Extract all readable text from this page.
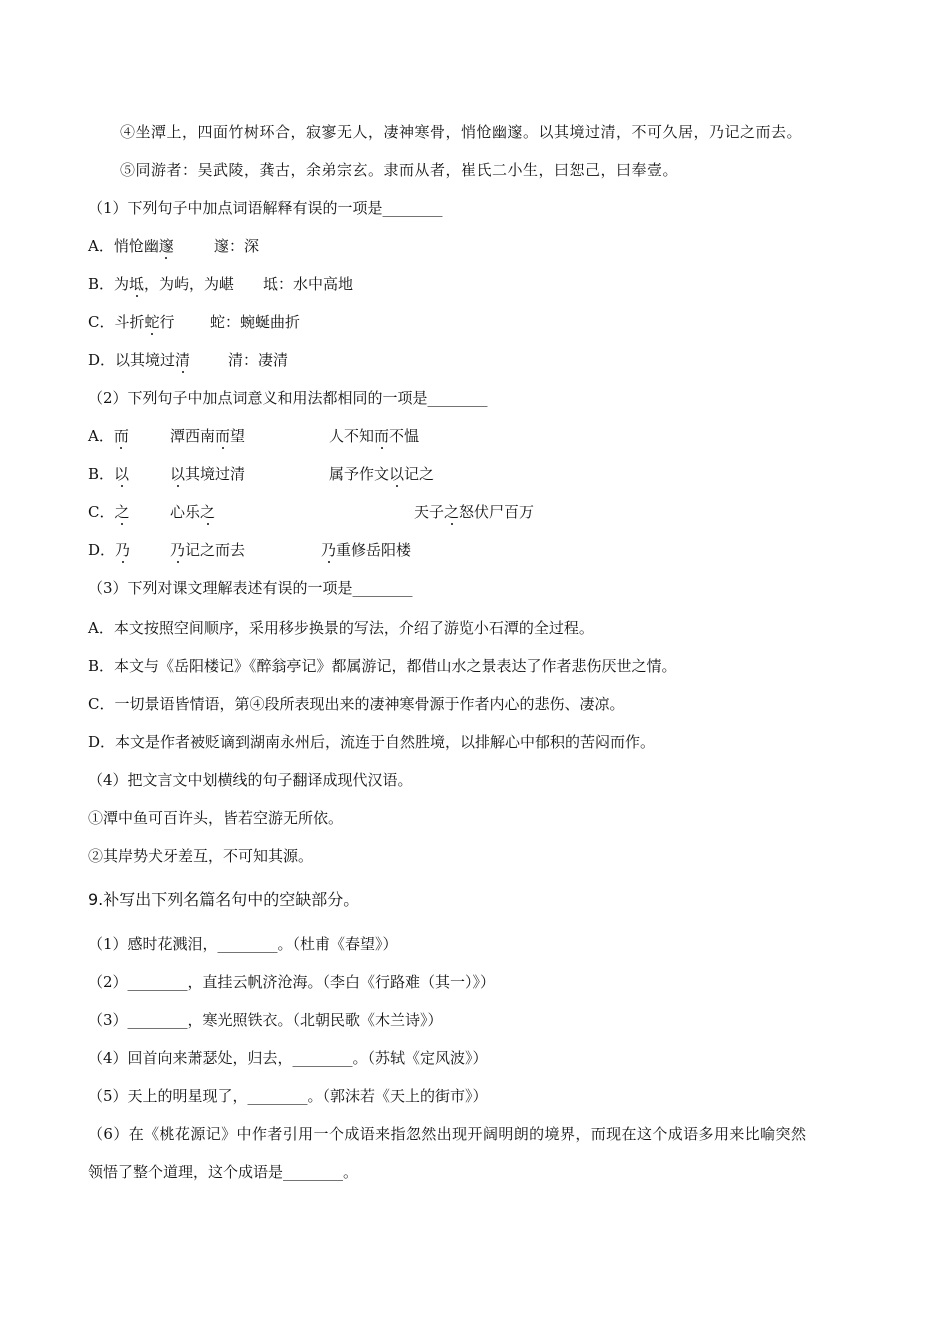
④坐潭上，四面竹树环合，寂寥无人，凄神寒骨，悄怆幽邃。以其境过清，不可久居，乃记之而去。
⑤同游者：吴武陵，龚古，余弟宗玄。隶而从者，崔氏二小生，曰恕己，曰奉壹。
（1）下列句子中加点词语解释有误的一项是________
A．悄怆幽邃	邃：深
B．为坻，为屿，为嵁 坻：水中高地
C．斗折蛇行 蛇：蜿蜒曲折
D．以其境过清	清：凄清
（2）下列句子中加点词意义和用法都相同的一项是________
A．而	潭西南而望	人不知而不愠
B．以	以其境过清	属予作文以记之
C．之	心乐之	天子之怒伏尸百万
D．乃	乃记之而去	乃重修岳阳楼
（3）下列对课文理解表述有误的一项是________
A．本文按照空间顺序，采用移步换景的写法，介绍了游览小石潭的全过程。
B．本文与《岳阳楼记》《醉翁亭记》都属游记，都借山水之景表达了作者悲伤厌世之情。
C．一切景语皆情语，第④段所表现出来的凄神寒骨源于作者内心的悲伤、凄凉。
D．本文是作者被贬谪到湖南永州后，流连于自然胜境，以排解心中郁积的苦闷而作。
（4）把文言文中划横线的句子翻译成现代汉语。
①潭中鱼可百许头，皆若空游无所依。
②其岸势犬牙差互，不可知其源。
9.补写出下列名篇名句中的空缺部分。
（1）感时花溅泪，________。（杜甫《春望》）
（2）________，直挂云帆济沧海。（李白《行路难（其一）》）
（3）________，寒光照铁衣。（北朝民歌《木兰诗》）
（4）回首向来萧瑟处，归去，________。（苏轼《定风波》）
（5）天上的明星现了，________。（郭沫若《天上的街市》）
（6）在《桃花源记》中作者引用一个成语来指忽然出现开阔明朗的境界，而现在这个成语多用来比喻突然
领悟了整个道理，这个成语是________。
